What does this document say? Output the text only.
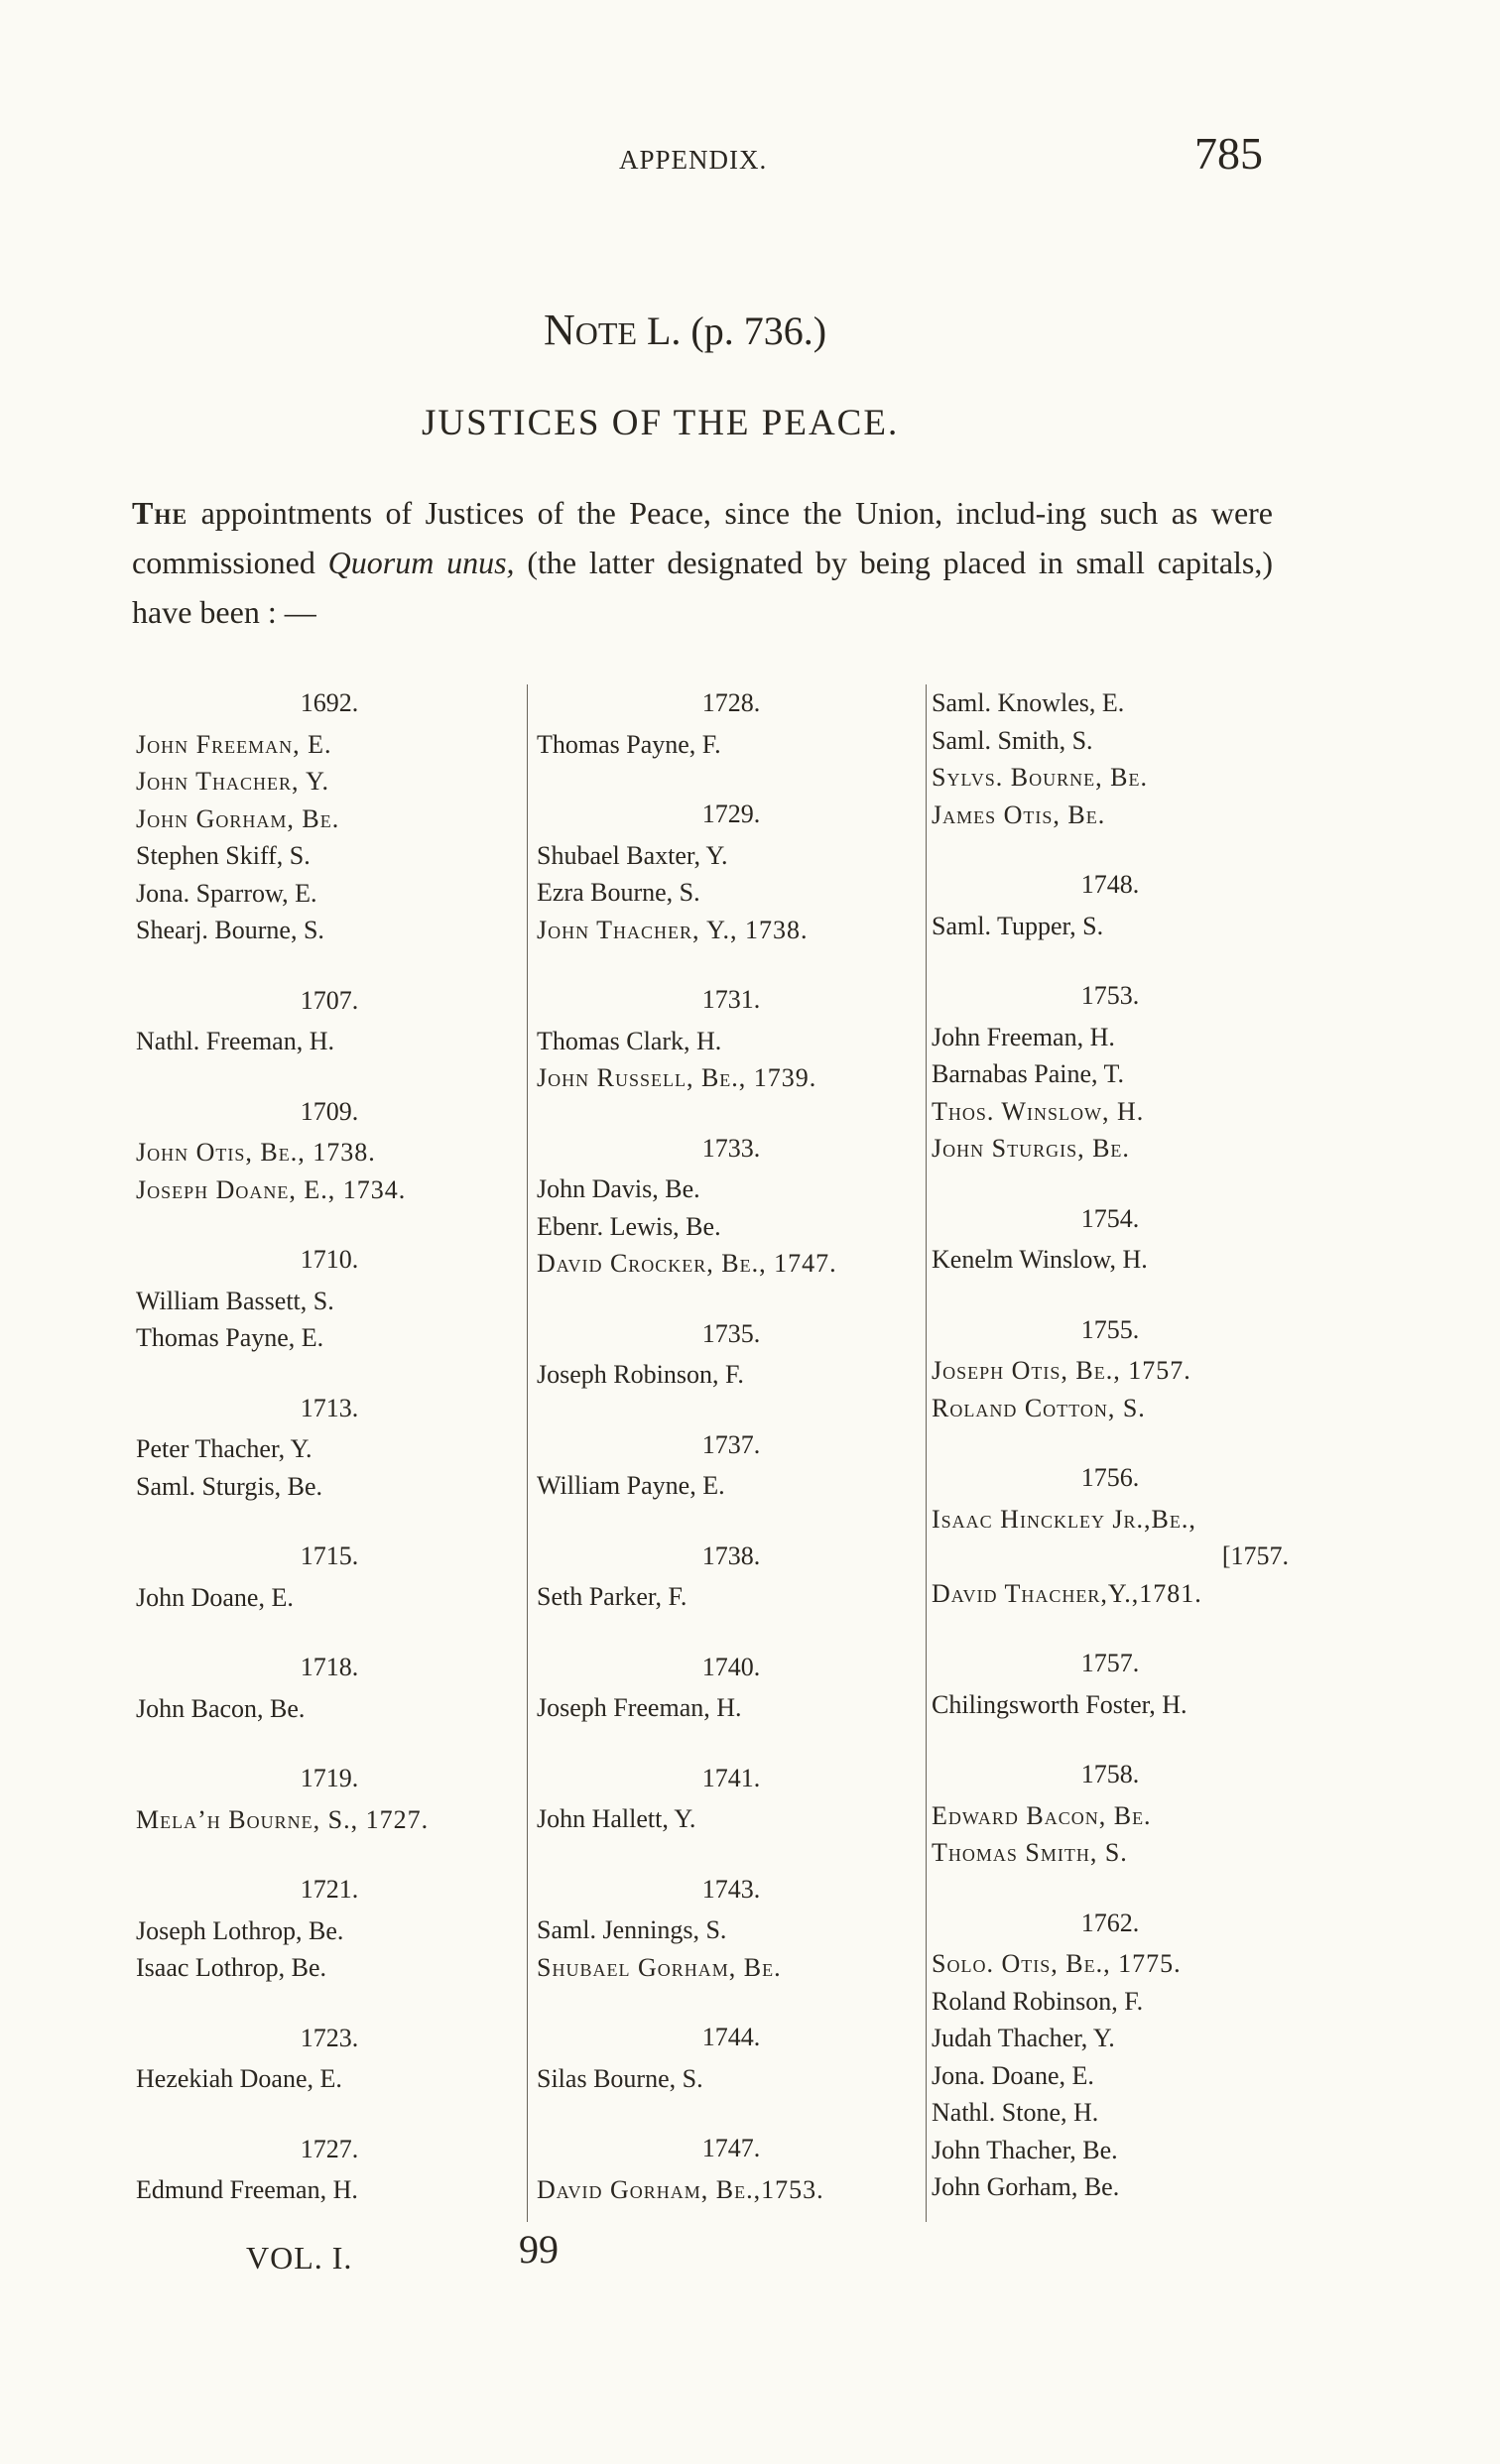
APPENDIX.	785
NOTE L. (p. 736.)
JUSTICES OF THE PEACE.
The appointments of Justices of the Peace, since the Union, includ-ing such as were commissioned Quorum unus, (the latter designated by being placed in small capitals,) have been : —
1692.
John Freeman, E.
John Thacher, Y.
John Gorham, Be.
Stephen Skiff, S.
Jona. Sparrow, E.
Shearj. Bourne, S.
1707.
Nathl. Freeman, H.
1709.
John Otis, Be., 1738.
Joseph Doane, E., 1734.
1710.
William Bassett, S.
Thomas Payne, E.
1713.
Peter Thacher, Y.
Saml. Sturgis, Be.
1715.
John Doane, E.
1718.
John Bacon, Be.
1719.
Mela’h Bourne, S., 1727.
1721.
Joseph Lothrop, Be.
Isaac Lothrop, Be.
1723.
Hezekiah Doane, E.
1727.
Edmund Freeman, H.
1728.
Thomas Payne, F.
1729.
Shubael Baxter, Y.
Ezra Bourne, S.
John Thacher, Y., 1738.
1731.
Thomas Clark, H.
John Russell, Be., 1739.
1733.
John Davis, Be.
Ebenr. Lewis, Be.
David Crocker, Be., 1747.
1735.
Joseph Robinson, F.
1737.
William Payne, E.
1738.
Seth Parker, F.
1740.
Joseph Freeman, H.
1741.
John Hallett, Y.
1743.
Saml. Jennings, S.
Shubael Gorham, Be.
1744.
Silas Bourne, S.
1747.
David Gorham, Be.,1753.
Saml. Knowles, E.
Saml. Smith, S.
Sylvs. Bourne, Be.
James Otis, Be.
1748.
Saml. Tupper, S.
1753.
John Freeman, H.
Barnabas Paine, T.
Thos. Winslow, H.
John Sturgis, Be.
1754.
Kenelm Winslow, H.
1755.
Joseph Otis, Be., 1757.
Roland Cotton, S.
1756.
Isaac Hinckley Jr.,Be.,
[1757.
David Thacher,Y.,1781.
1757.
Chilingsworth Foster, H.
1758.
Edward Bacon, Be.
Thomas Smith, S.
1762.
Solo. Otis, Be., 1775.
Roland Robinson, F.
Judah Thacher, Y.
Jona. Doane, E.
Nathl. Stone, H.
John Thacher, Be.
John Gorham, Be.
VOL. I.	99
